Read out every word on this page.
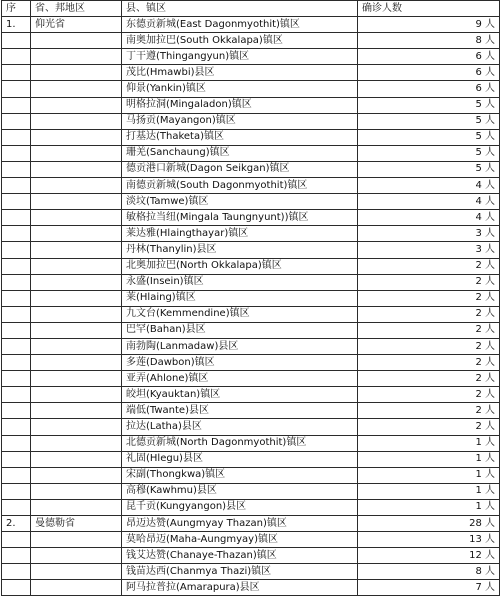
序	省、邦地区	县、镇区	确诊人数
1.	仰光省	东德贡新城(East Dagonmyothit)镇区	9 人
		南奥加拉巴(South Okkalapa)镇区	8 人
		丁干遵(Thingangyun)镇区	6 人
		茂比(Hmawbi)县区	6 人
		仰景(Yankin)镇区	6 人
		明格拉洞(Mingaladon)镇区	5 人
		马扬贡(Mayangon)镇区	5 人
		打基达(Thaketa)镇区	5 人
		珊羌(Sanchaung)镇区	5 人
		德贡港口新城(Dagon Seikgan)镇区	5 人
		南德贡新城(South Dagonmyothit)镇区	4 人
		淡坟(Tamwe)镇区	4 人
		敏格拉当纽(Mingala Taungnyunt))镇区	4 人
		莱达雅(Hlaingthayar)镇区	3 人
		丹林(Thanylin)县区	3 人
		北奥加拉巴(North Okkalapa)镇区	2 人
		永盛(Insein)镇区	2 人
		莱(Hlaing)镇区	2 人
		九文台(Kemmendine)镇区	2 人
		巴罕(Bahan)县区	2 人
		南勃陶(Lanmadaw)县区	2 人
		多莲(Dawbon)镇区	2 人
		亚弄(Ahlone)镇区	2 人
		皎坦(Kyauktan)镇区	2 人
		端低(Twante)县区	2 人
		拉达(Latha)县区	2 人
		北德贡新城(North Dagonmyothit)镇区	1 人
		礼固(Hlegu)县区	1 人
		宋副(Thongkwa)镇区	1 人
		高穆(Kawhmu)县区	1 人
		昆千贡(Kungyangon)县区	1 人
2.	曼德勒省	昂迈达赞(Aungmyay Thazan)镇区	28 人
		莫哈昂迈(Maha-Aungmyay)镇区	13 人
		钱艾达赞(Chanaye-Thazan)镇区	12 人
		钱苗达西(Chanmya Thazi)镇区	8 人
		阿马拉普拉(Amarapura)县区	7 人
